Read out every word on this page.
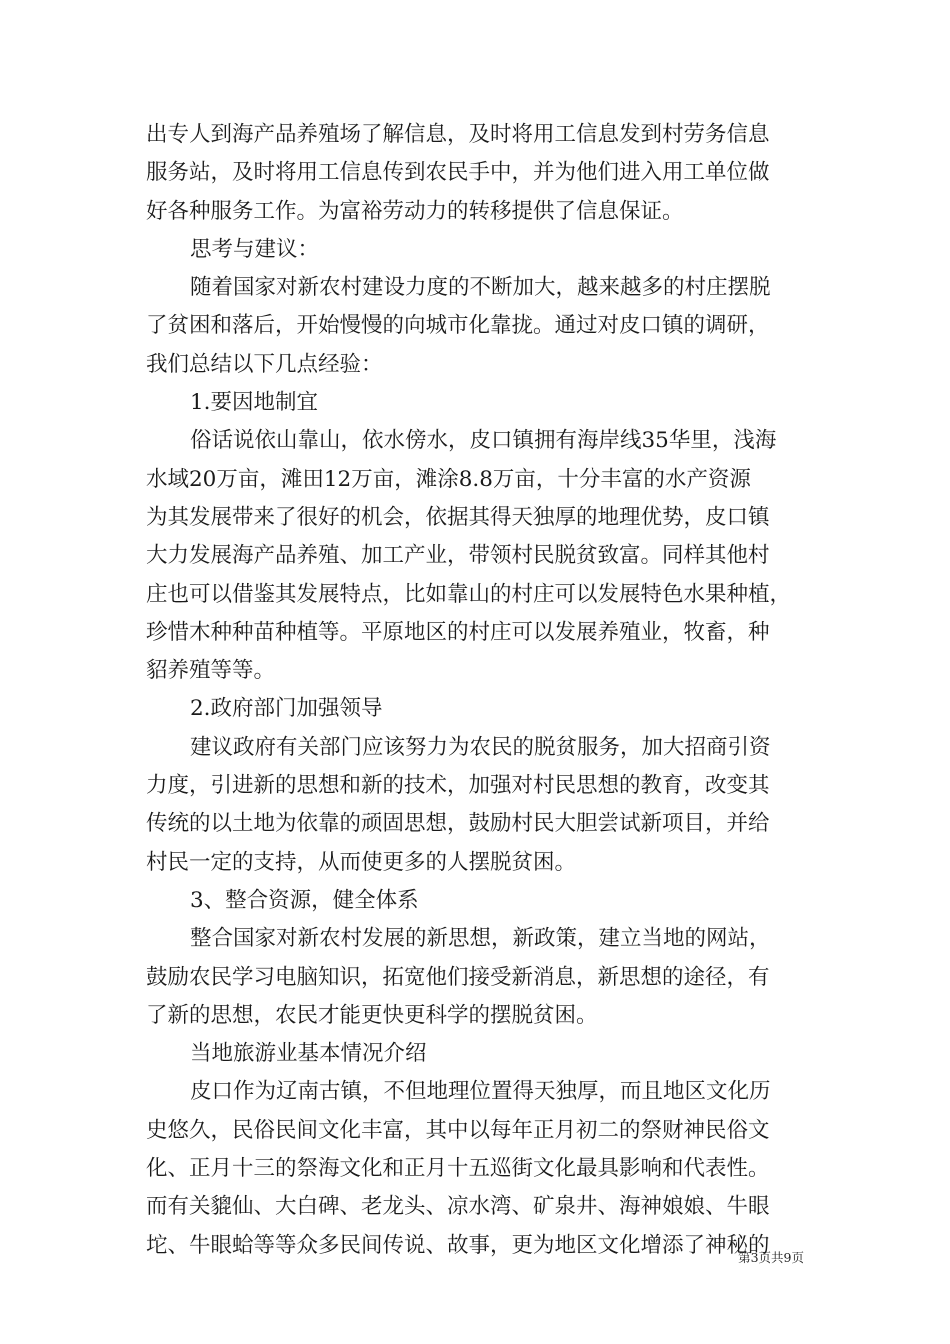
出专人到海产品养殖场了解信息，及时将用工信息发到村劳务信息
服务站，及时将用工信息传到农民手中，并为他们进入用工单位做
好各种服务工作。为富裕劳动力的转移提供了信息保证。
思考与建议：
随着国家对新农村建设力度的不断加大，越来越多的村庄摆脱
了贫困和落后，开始慢慢的向城市化靠拢。通过对皮口镇的调研，
我们总结以下几点经验：
1.要因地制宜
俗话说依山靠山，依水傍水，皮口镇拥有海岸线35华里，浅海
水域20万亩，滩田12万亩，滩涂8.8万亩，十分丰富的水产资源
为其发展带来了很好的机会，依据其得天独厚的地理优势，皮口镇
大力发展海产品养殖、加工产业，带领村民脱贫致富。同样其他村
庄也可以借鉴其发展特点，比如靠山的村庄可以发展特色水果种植，
珍惜木种种苗种植等。平原地区的村庄可以发展养殖业，牧畜，种
貂养殖等等。
2.政府部门加强领导
建议政府有关部门应该努力为农民的脱贫服务，加大招商引资
力度，引进新的思想和新的技术，加强对村民思想的教育，改变其
传统的以土地为依靠的顽固思想，鼓励村民大胆尝试新项目，并给
村民一定的支持，从而使更多的人摆脱贫困。
3、整合资源，健全体系
整合国家对新农村发展的新思想，新政策，建立当地的网站，
鼓励农民学习电脑知识，拓宽他们接受新消息，新思想的途径，有
了新的思想，农民才能更快更科学的摆脱贫困。
当地旅游业基本情况介绍
皮口作为辽南古镇，不但地理位置得天独厚，而且地区文化历
史悠久，民俗民间文化丰富，其中以每年正月初二的祭财神民俗文
化、正月十三的祭海文化和正月十五巡街文化最具影响和代表性。
而有关貔仙、大白碑、老龙头、凉水湾、矿泉井、海神娘娘、牛眼
坨、牛眼蛤等等众多民间传说、故事，更为地区文化增添了神秘的
第3页共9页
